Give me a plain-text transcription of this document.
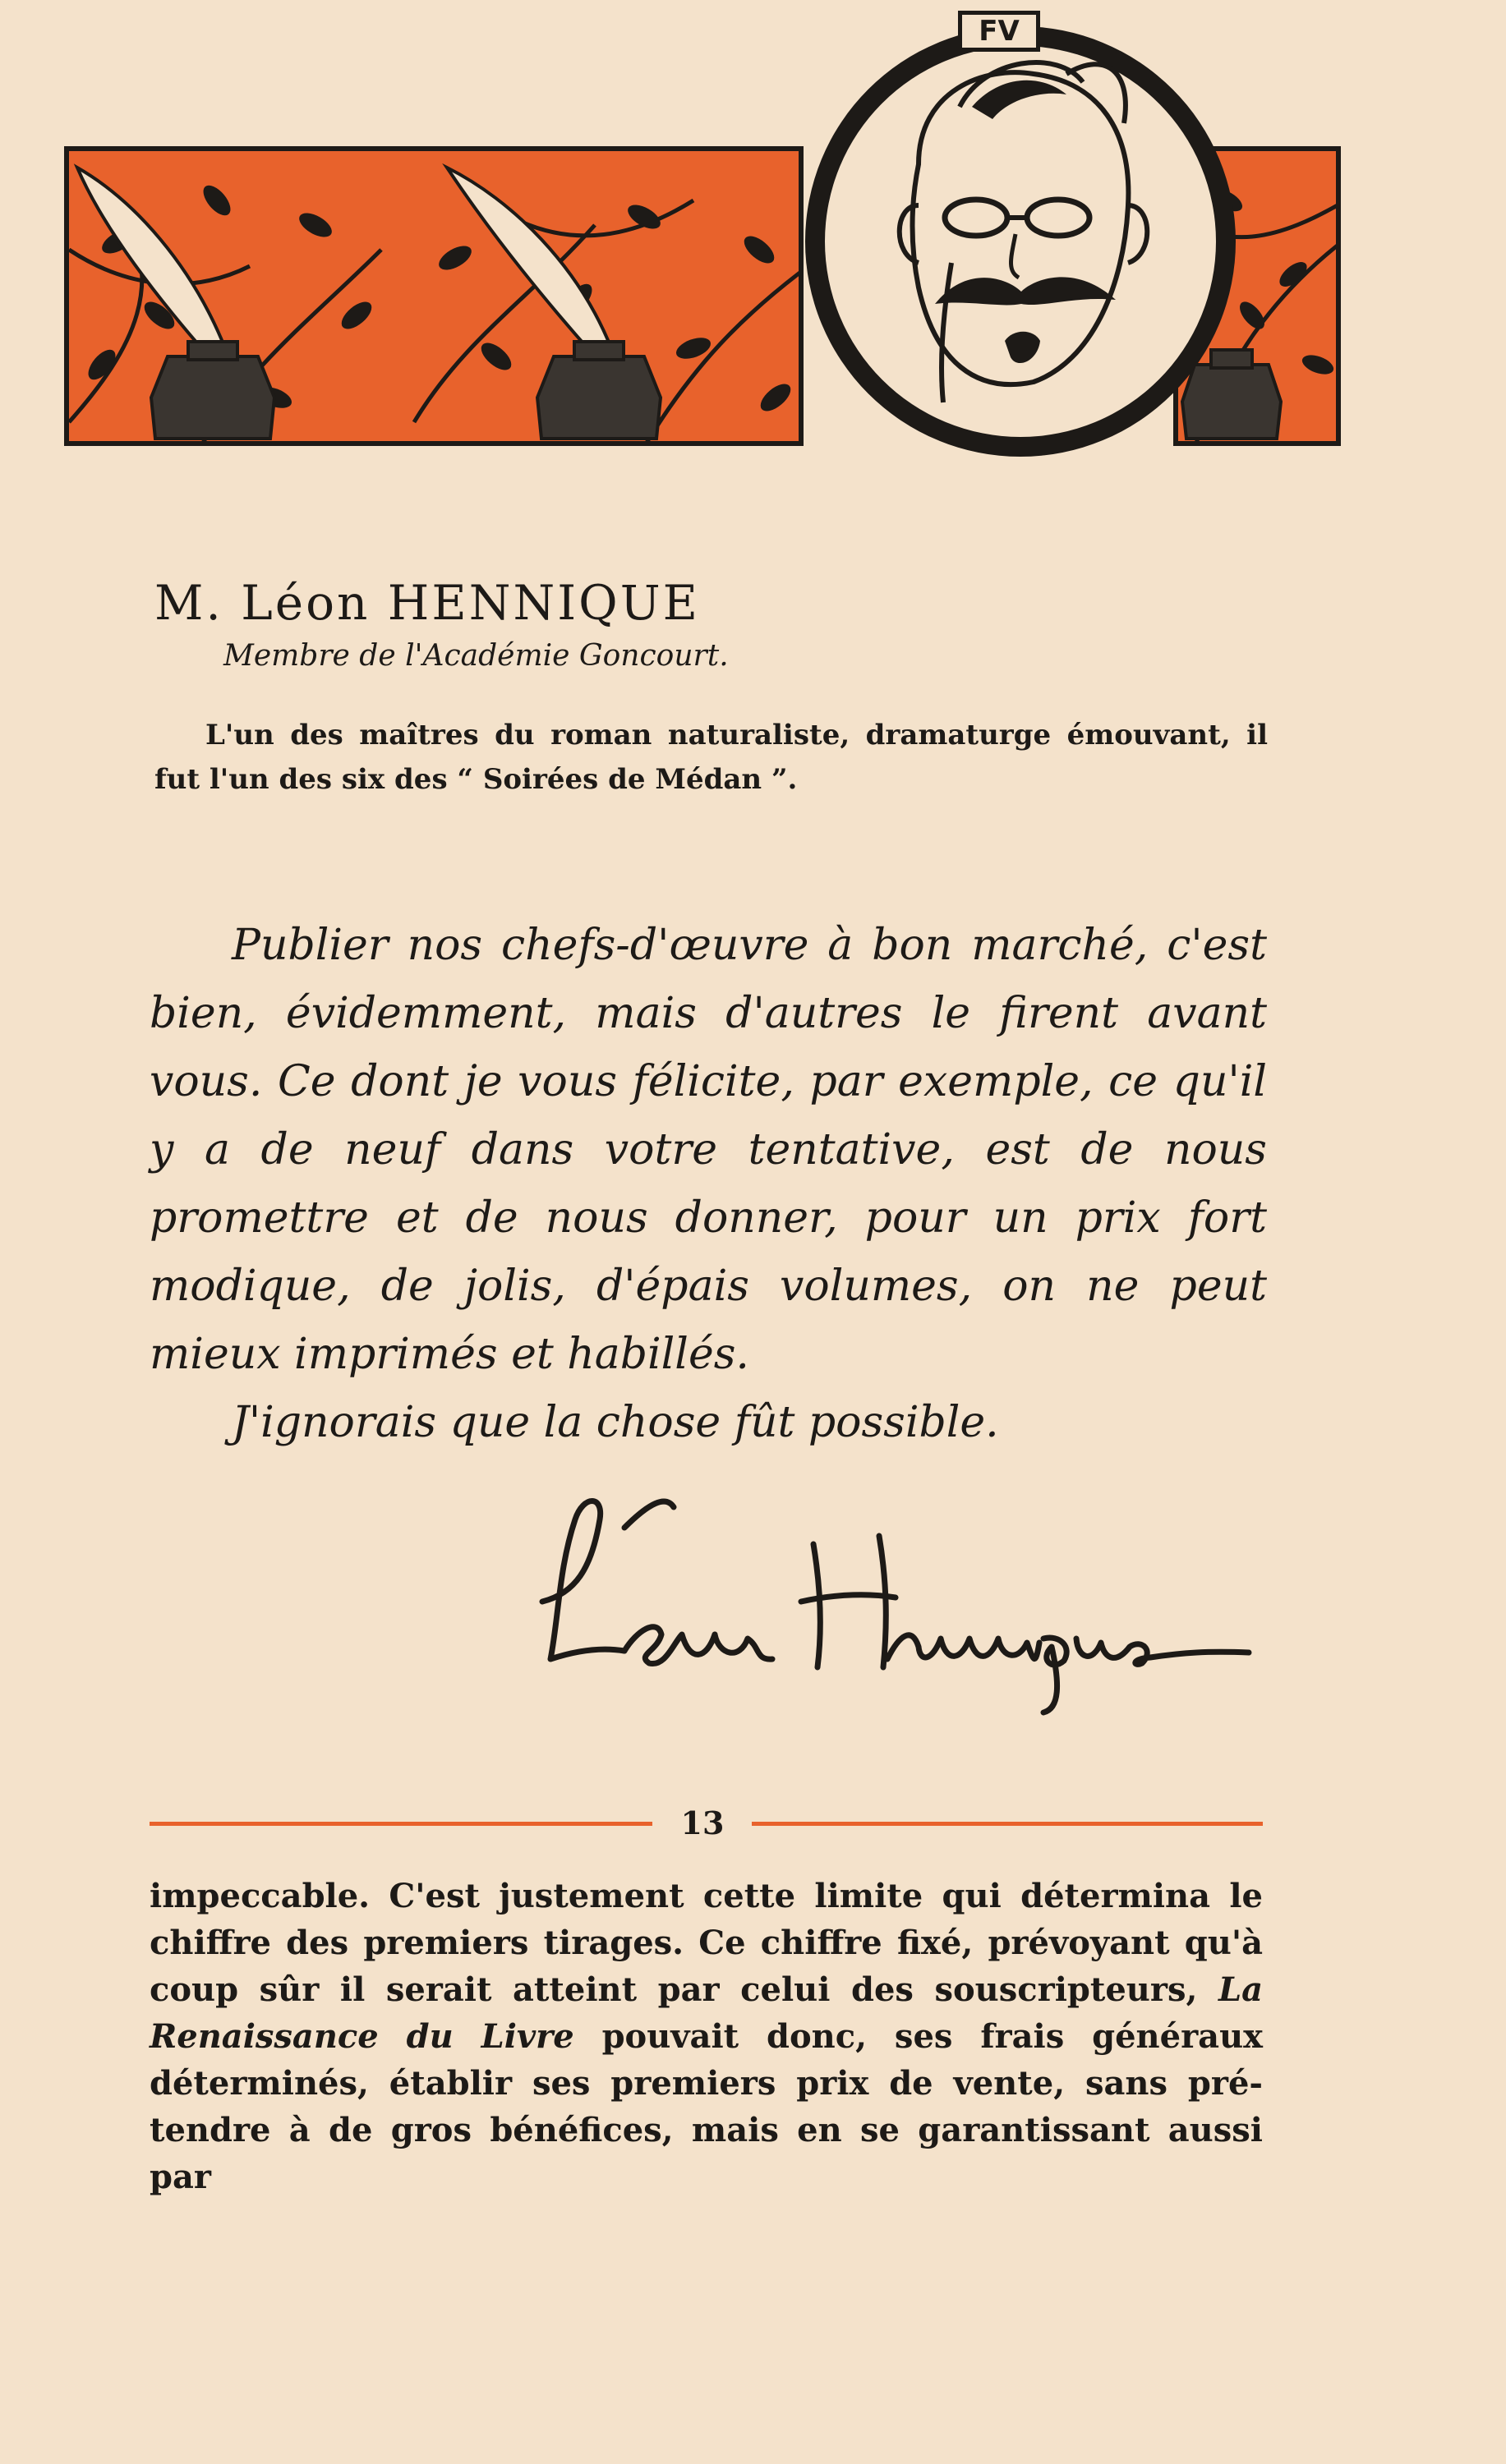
FV
M. Léon HENNIQUE
Membre de l'Académie Goncourt.
L'un des maîtres du roman naturaliste, dramaturge émouvant, il fut l'un des six des “ Soirées de Médan ”.

Publier nos chefs-d'œuvre à bon marché, c'est bien, évidemment, mais d'autres le firent avant vous. Ce dont je vous félicite, par exemple, ce qu'il y a de neuf dans votre tentative, est de nous promettre et de nous donner, pour un prix fort modique, de jolis, d'épais volumes, on ne peut mieux imprimés et habillés.

J'ignorais que la chose fût possible.

13
impeccable. C'est justement cette limite qui détermina le chiffre des premiers tirages. Ce chiffre fixé, prévoyant qu'à coup sûr il serait atteint par celui des souscripteurs, La Renaissance du Livre pouvait donc, ses frais généraux déterminés, établir ses premiers prix de vente, sans pré-tendre à de gros bénéfices, mais en se garantissant aussi par
